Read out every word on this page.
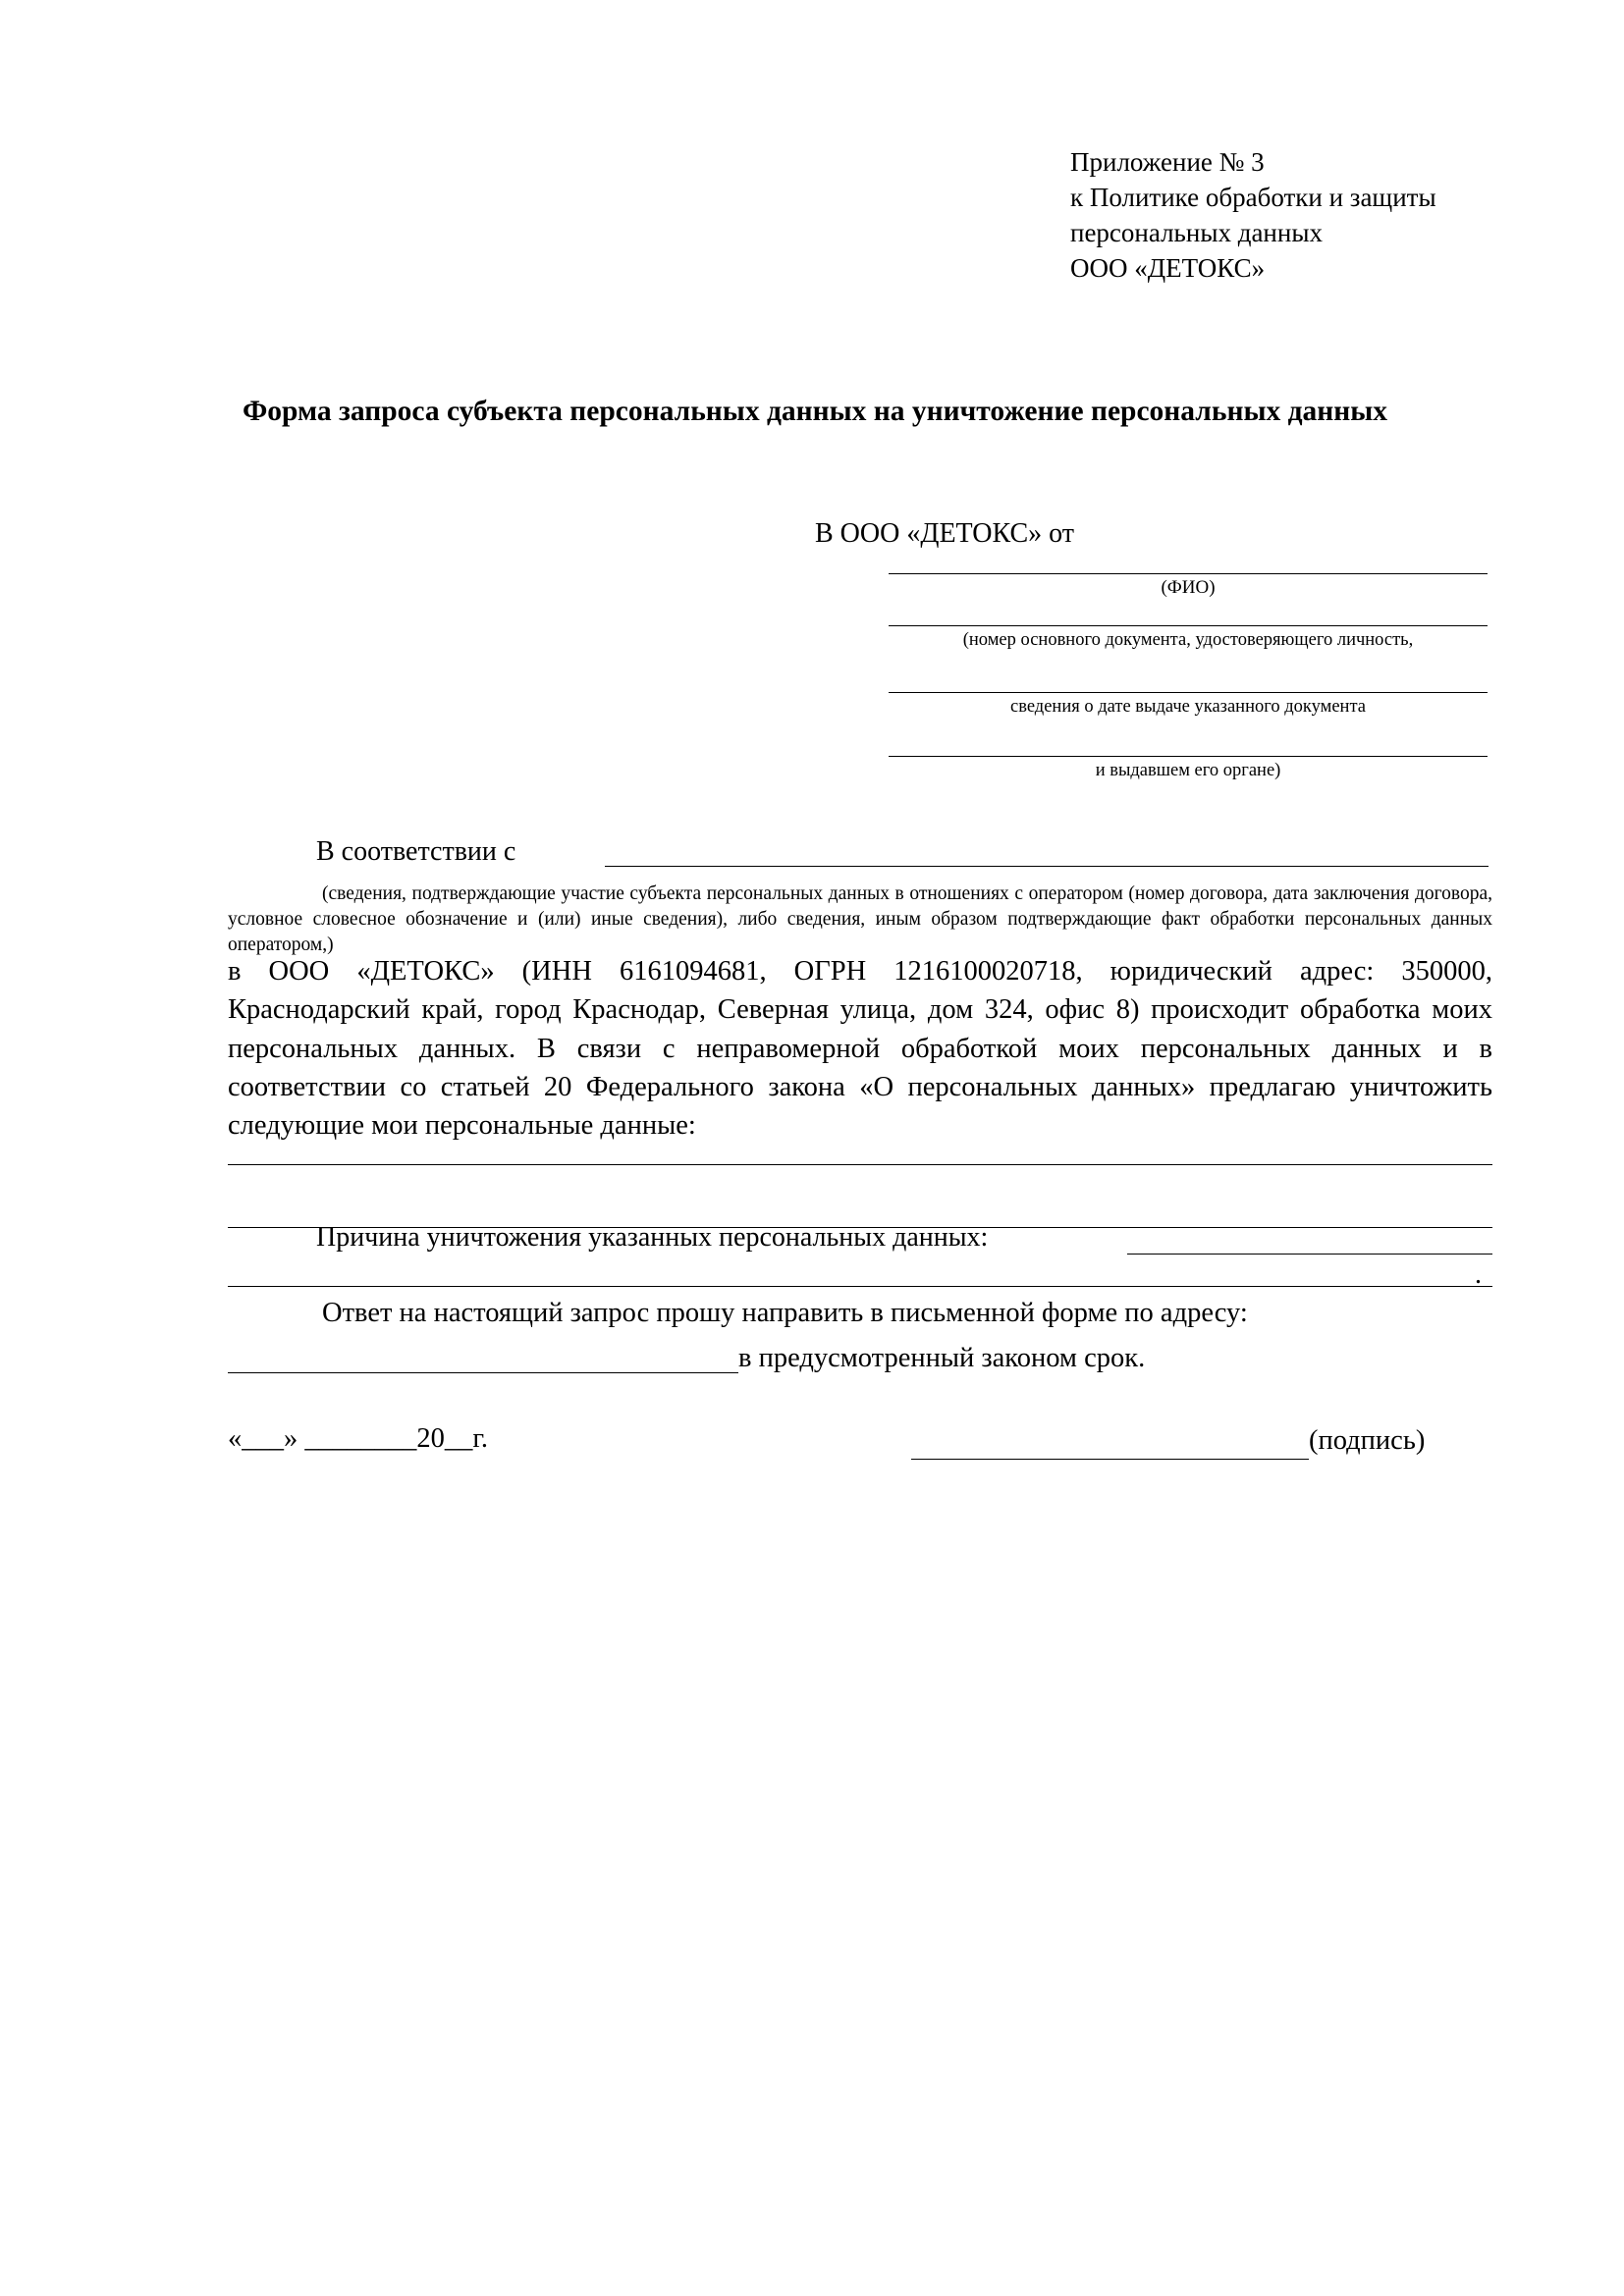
Приложение № 3
к Политике обработки и защиты
персональных данных
ООО «ДЕТОКС»
Форма запроса субъекта персональных данных на уничтожение персональных данных
В ООО «ДЕТОКС» от
(ФИО)
(номер основного документа, удостоверяющего личность,
сведения о дате выдаче указанного документа
и выдавшем его органе)
В соответствии с
(сведения, подтверждающие участие субъекта персональных данных в отношениях с оператором (номер договора, дата заключения договора, условное словесное обозначение и (или) иные сведения), либо сведения, иным образом подтверждающие факт обработки персональных данных оператором,)
в ООО «ДЕТОКС» (ИНН 6161094681, ОГРН 1216100020718, юридический адрес: 350000, Краснодарский край, город Краснодар, Северная улица, дом 324, офис 8) происходит обработка моих персональных данных. В связи с неправомерной обработкой моих персональных данных и в соответствии со статьей 20 Федерального закона «О персональных данных» предлагаю уничтожить следующие мои персональные данные:
Причина уничтожения указанных персональных данных:
.
Ответ на настоящий запрос прошу направить в письменной форме по адресу:
в предусмотренный законом срок.
«___» ________20__г.	(подпись)
